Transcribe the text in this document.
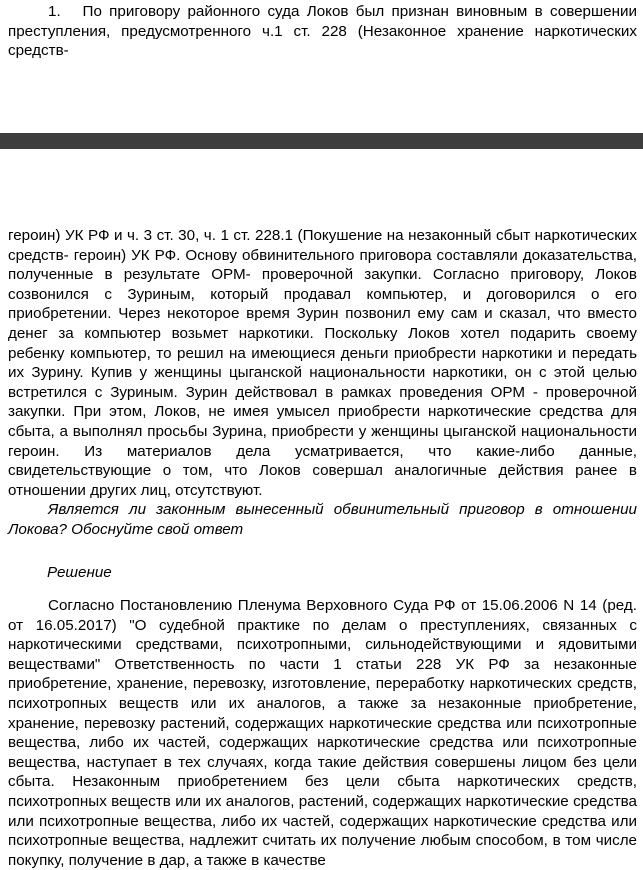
1. По приговору районного суда Локов был признан виновным в совершении преступления, предусмотренного ч.1 ст. 228 (Незаконное хранение наркотических средств-

героин) УК РФ и ч. 3 ст. 30, ч. 1 ст. 228.1 (Покушение на незаконный сбыт наркотических средств- героин) УК РФ. Основу обвинительного приговора составляли доказательства, полученные в результате ОРМ- проверочной закупки. Согласно приговору, Локов созвонился с Зуриным, который продавал компьютер, и договорился о его приобретении. Через некоторое время Зурин позвонил ему сам и сказал, что вместо денег за компьютер возьмет наркотики. Поскольку Локов хотел подарить своему ребенку компьютер, то решил на имеющиеся деньги приобрести наркотики и передать их Зурину. Купив у женщины цыганской национальности наркотики, он с этой целью встретился с Зуриным. Зурин действовал в рамках проведения ОРМ - проверочной закупки. При этом, Локов, не имея умысел приобрести наркотические средства для сбыта, а выполнял просьбы Зурина, приобрести у женщины цыганской национальности героин. Из материалов дела усматривается, что какие-либо данные, свидетельствующие о том, что Локов совершал аналогичные действия ранее в отношении других лиц, отсутствуют.

Является ли законным вынесенный обвинительный приговор в отношении Локова? Обоснуйте свой ответ

Решение

Согласно Постановлению Пленума Верховного Суда РФ от 15.06.2006 N 14 (ред. от 16.05.2017) "О судебной практике по делам о преступлениях, связанных с наркотическими средствами, психотропными, сильнодействующими и ядовитыми веществами" Ответственность по части 1 статьи 228 УК РФ за незаконные приобретение, хранение, перевозку, изготовление, переработку наркотических средств, психотропных веществ или их аналогов, а также за незаконные приобретение, хранение, перевозку растений, содержащих наркотические средства или психотропные вещества, либо их частей, содержащих наркотические средства или психотропные вещества, наступает в тех случаях, когда такие действия совершены лицом без цели сбыта. Незаконным приобретением без цели сбыта наркотических средств, психотропных веществ или их аналогов, растений, содержащих наркотические средства или психотропные вещества, либо их частей, содержащих наркотические средства или психотропные вещества, надлежит считать их получение любым способом, в том числе покупку, получение в дар, а также в качестве
